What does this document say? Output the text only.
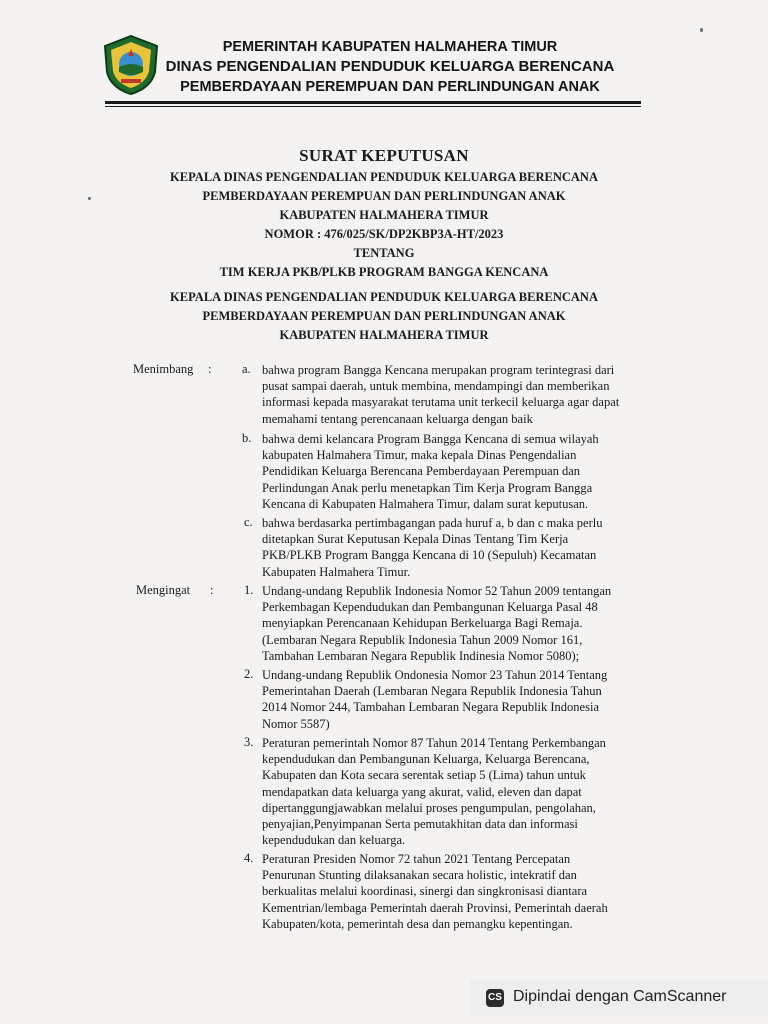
PEMERINTAH KABUPATEN HALMAHERA TIMUR
DINAS PENGENDALIAN PENDUDUK KELUARGA BERENCANA
PEMBERDAYAAN PEREMPUAN DAN PERLINDUNGAN ANAK
SURAT KEPUTUSAN
KEPALA DINAS PENGENDALIAN PENDUDUK KELUARGA BERENCANA
PEMBERDAYAAN PEREMPUAN DAN PERLINDUNGAN ANAK
KABUPATEN HALMAHERA TIMUR
NOMOR : 476/025/SK/DP2KBP3A-HT/2023
TENTANG
TIM KERJA PKB/PLKB PROGRAM BANGGA KENCANA
KEPALA DINAS PENGENDALIAN PENDUDUK KELUARGA BERENCANA
PEMBERDAYAAN PEREMPUAN DAN PERLINDUNGAN ANAK
KABUPATEN HALMAHERA TIMUR
Menimbang : a. bahwa program Bangga Kencana merupakan program terintegrasi dari
pusat sampai daerah, untuk membina, mendampingi dan memberikan
informasi kepada masyarakat terutama unit terkecil keluarga agar dapat
memahami tentang perencanaan keluarga dengan baik
b. bahwa demi kelancara Program Bangga Kencana di semua wilayah
kabupaten Halmahera Timur, maka kepala Dinas Pengendalian
Pendidikan Keluarga Berencana Pemberdayaan Perempuan dan
Perlindungan Anak perlu menetapkan Tim Kerja Program Bangga
Kencana di Kabupaten Halmahera Timur, dalam surat keputusan.
c. bahwa berdasarka pertimbagangan pada huruf a, b dan c maka perlu
ditetapkan Surat Keputusan Kepala Dinas Tentang Tim Kerja
PKB/PLKB Program Bangga Kencana di 10 (Sepuluh) Kecamatan
Kabupaten Halmahera Timur.
Mengingat : 1. Undang-undang Republik Indonesia Nomor 52 Tahun 2009 tentangan
Perkembagan Kependudukan dan Pembangunan Keluarga Pasal 48
menyiapkan Perencanaan Kehidupan Berkeluarga Bagi Remaja.
(Lembaran Negara Republik Indonesia Tahun 2009 Nomor 161,
Tambahan Lembaran Negara Republik Indinesia Nomor 5080);
2. Undang-undang Republik Ondonesia Nomor 23 Tahun 2014 Tentang
Pemerintahan Daerah (Lembaran Negara Republik Indonesia Tahun
2014 Nomor 244, Tambahan Lembaran Negara Republik Indonesia
Nomor 5587)
3. Peraturan pemerintah Nomor 87 Tahun 2014 Tentang Perkembangan
kependudukan dan Pembangunan Keluarga, Keluarga Berencana,
Kabupaten dan Kota secara serentak setiap 5 (Lima) tahun untuk
mendapatkan data keluarga yang akurat, valid, eleven dan dapat
dipertanggungjawabkan melalui proses pengumpulan, pengolahan,
penyajian,Penyimpanan Serta pemutakhitan data dan informasi
kependudukan dan keluarga.
4. Peraturan Presiden Nomor 72 tahun 2021 Tentang Percepatan
Penurunan Stunting dilaksanakan secara holistic, intekratif dan
berkualitas melalui koordinasi, sinergi dan singkronisasi diantara
Kementrian/lembaga Pemerintah daerah Provinsi, Pemerintah daerah
Kabupaten/kota, pemerintah desa dan pemangku kepentingan.
CS Dipindai dengan CamScanner
